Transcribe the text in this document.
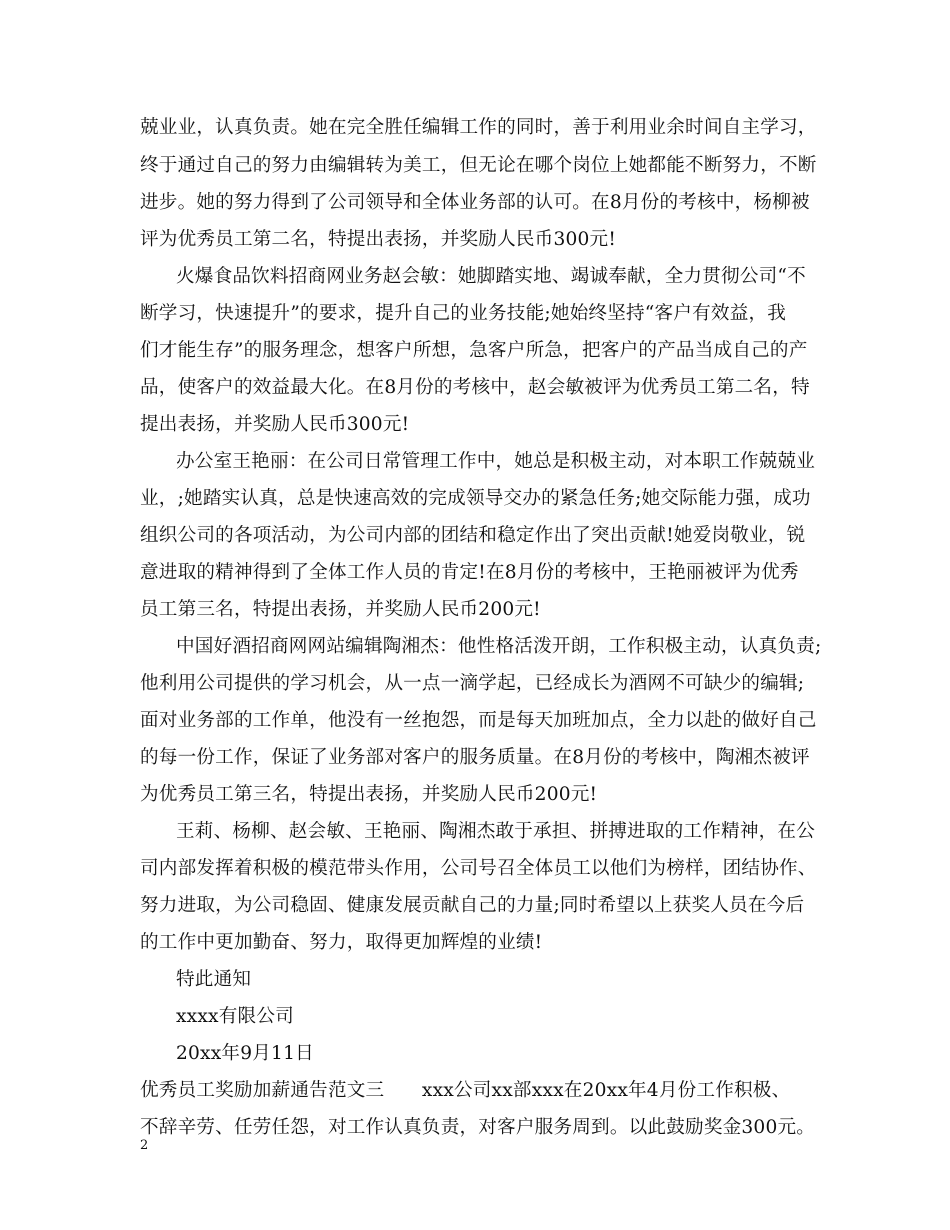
兢业业，认真负责。她在完全胜任编辑工作的同时，善于利用业余时间自主学习，
终于通过自己的努力由编辑转为美工，但无论在哪个岗位上她都能不断努力，不断
进步。她的努力得到了公司领导和全体业务部的认可。在8月份的考核中，杨柳被
评为优秀员工第二名，特提出表扬，并奖励人民币300元!
火爆食品饮料招商网业务赵会敏：她脚踏实地、竭诚奉献，全力贯彻公司“不
断学习，快速提升”的要求，提升自己的业务技能;她始终坚持“客户有效益，我
们才能生存”的服务理念，想客户所想，急客户所急，把客户的产品当成自己的产
品，使客户的效益最大化。在8月份的考核中，赵会敏被评为优秀员工第二名，特
提出表扬，并奖励人民币300元!
办公室王艳丽：在公司日常管理工作中，她总是积极主动，对本职工作兢兢业
业，;她踏实认真，总是快速高效的完成领导交办的紧急任务;她交际能力强，成功
组织公司的各项活动，为公司内部的团结和稳定作出了突出贡献!她爱岗敬业，锐
意进取的精神得到了全体工作人员的肯定!在8月份的考核中，王艳丽被评为优秀
员工第三名，特提出表扬，并奖励人民币200元!
中国好酒招商网网站编辑陶湘杰：他性格活泼开朗，工作积极主动，认真负责;
他利用公司提供的学习机会，从一点一滴学起，已经成长为酒网不可缺少的编辑;
面对业务部的工作单，他没有一丝抱怨，而是每天加班加点，全力以赴的做好自己
的每一份工作，保证了业务部对客户的服务质量。在8月份的考核中，陶湘杰被评
为优秀员工第三名，特提出表扬，并奖励人民币200元!
王莉、杨柳、赵会敏、王艳丽、陶湘杰敢于承担、拼搏进取的工作精神，在公
司内部发挥着积极的模范带头作用，公司号召全体员工以他们为榜样，团结协作、
努力进取，为公司稳固、健康发展贡献自己的力量;同时希望以上获奖人员在今后
的工作中更加勤奋、努力，取得更加辉煌的业绩!
特此通知
xxxx有限公司
20xx年9月11日
优秀员工奖励加薪通告范文三　　xxx公司xx部xxx在20xx年4月份工作积极、
不辞辛劳、任劳任怨，对工作认真负责，对客户服务周到。以此鼓励奖金300元。
2
